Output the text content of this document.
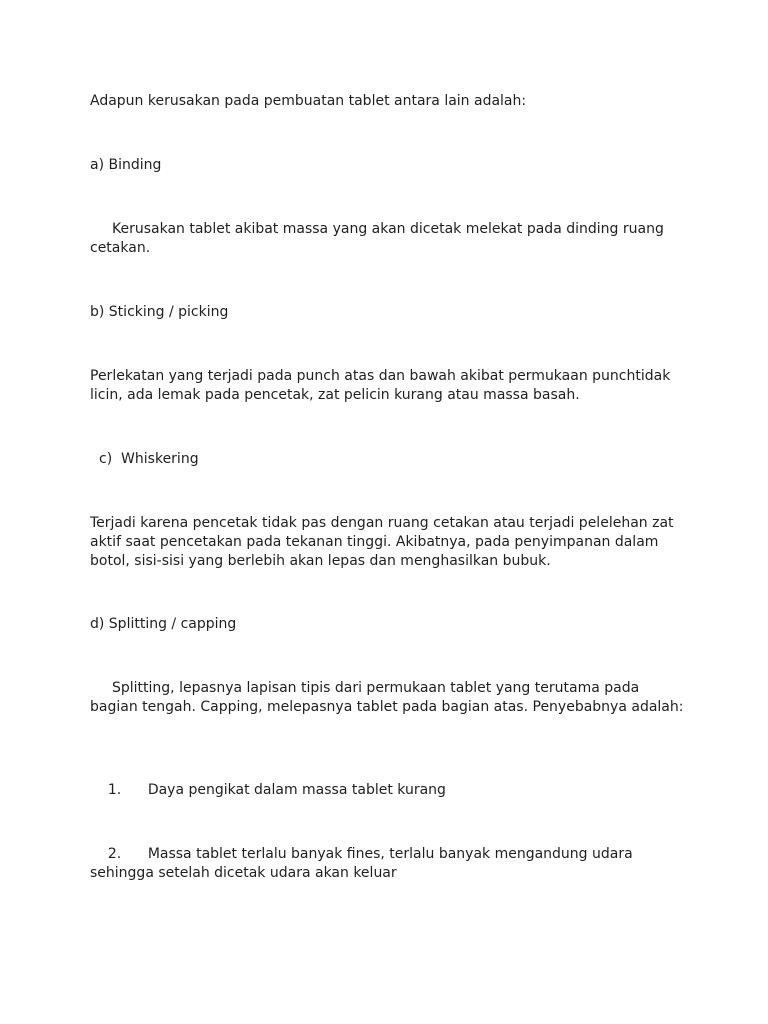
Adapun kerusakan pada pembuatan tablet antara lain adalah:
a) Binding
Kerusakan tablet akibat massa yang akan dicetak melekat pada dinding ruang cetakan.
b) Sticking / picking
Perlekatan yang terjadi pada punch atas dan bawah akibat permukaan punchtidak licin, ada lemak pada pencetak, zat pelicin kurang atau massa basah.
c)  Whiskering
Terjadi karena pencetak tidak pas dengan ruang cetakan atau terjadi pelelehan zat aktif saat pencetakan pada tekanan tinggi. Akibatnya, pada penyimpanan dalam botol, sisi-sisi yang berlebih akan lepas dan menghasilkan bubuk.
d) Splitting / capping
Splitting, lepasnya lapisan tipis dari permukaan tablet yang terutama pada bagian tengah. Capping, melepasnya tablet pada bagian atas. Penyebabnya adalah:

1. Daya pengikat dalam massa tablet kurang

2. Massa tablet terlalu banyak fines, terlalu banyak mengandung udara sehingga setelah dicetak udara akan keluar
